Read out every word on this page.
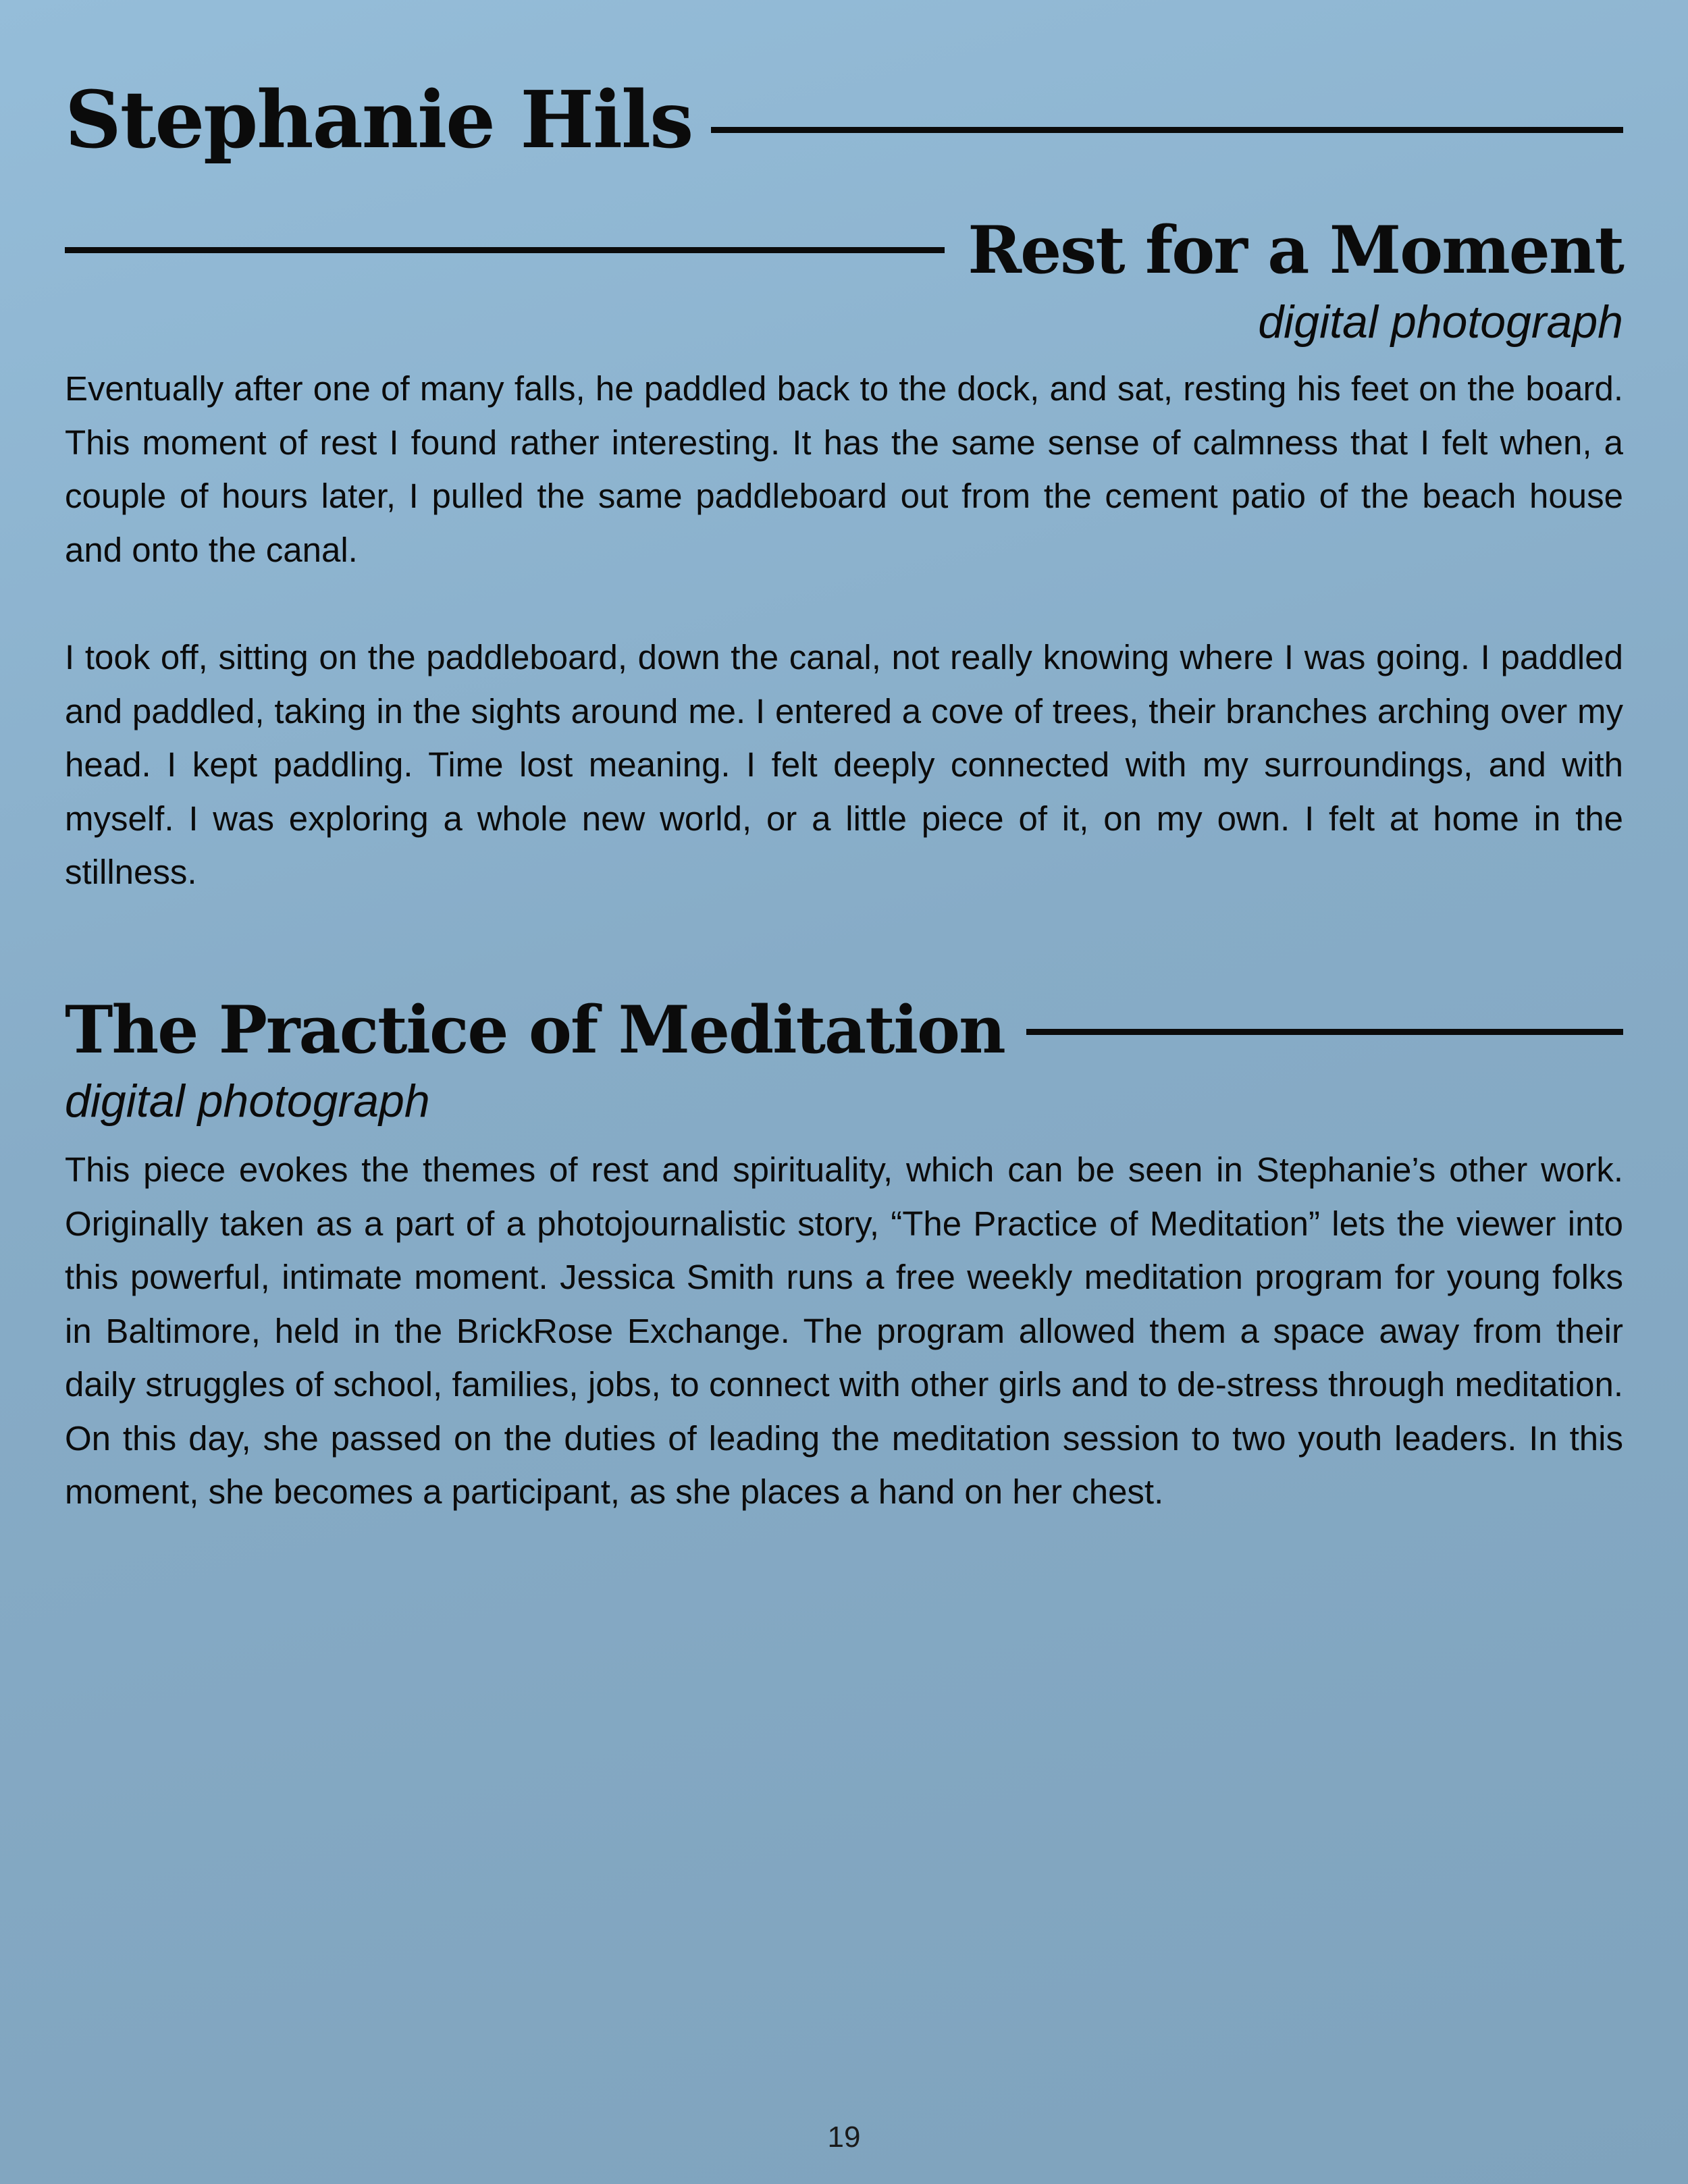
Stephanie Hils
Rest for a Moment
digital photograph

Eventually after one of many falls, he paddled back to the dock, and sat, resting his feet on the board. This moment of rest I found rather interesting. It has the same sense of calmness that I felt when, a couple of hours later, I pulled the same paddleboard out from the cement patio of the beach house and onto the canal.

I took off, sitting on the paddleboard, down the canal, not really knowing where I was going. I paddled and paddled, taking in the sights around me. I entered a cove of trees, their branches arching over my head. I kept paddling. Time lost meaning. I felt deeply connected with my surroundings, and with myself. I was exploring a whole new world, or a little piece of it, on my own. I felt at home in the stillness.

The Practice of Meditation
digital photograph

This piece evokes the themes of rest and spirituality, which can be seen in Stephanie’s other work. Originally taken as a part of a photojournalistic story, “The Practice of Meditation” lets the viewer into this powerful, intimate moment. Jessica Smith runs a free weekly meditation program for young folks in Baltimore, held in the BrickRose Exchange. The program allowed them a space away from their daily struggles of school, families, jobs, to connect with other girls and to de-stress through meditation. On this day, she passed on the duties of leading the meditation session to two youth leaders. In this moment, she becomes a participant, as she places a hand on her chest.

19
